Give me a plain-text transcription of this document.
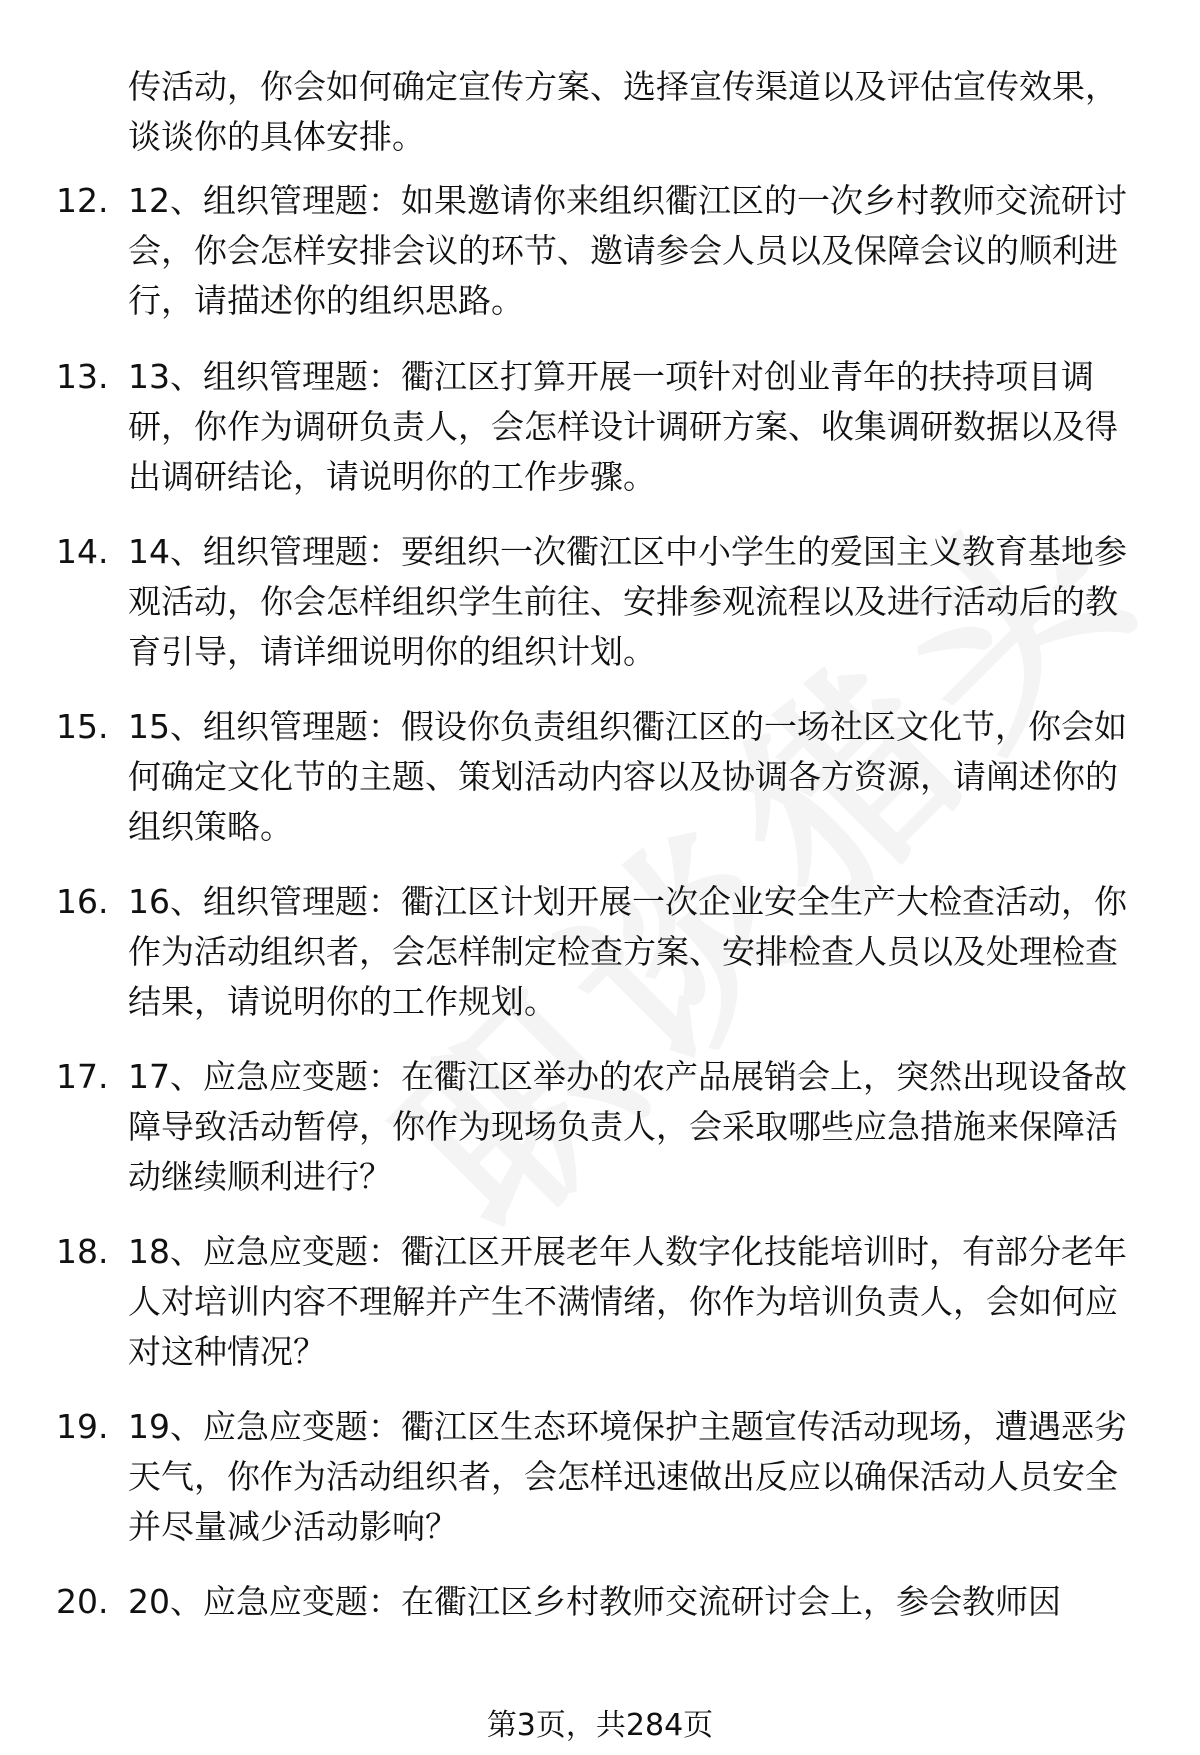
传活动，你会如何确定宣传方案、选择宣传渠道以及评估宣传效果，谈谈你的具体安排。
12. 12、组织管理题：如果邀请你来组织衢江区的一次乡村教师交流研讨会，你会怎样安排会议的环节、邀请参会人员以及保障会议的顺利进行，请描述你的组织思路。
13. 13、组织管理题：衢江区打算开展一项针对创业青年的扶持项目调研，你作为调研负责人，会怎样设计调研方案、收集调研数据以及得出调研结论，请说明你的工作步骤。
14. 14、组织管理题：要组织一次衢江区中小学生的爱国主义教育基地参观活动，你会怎样组织学生前往、安排参观流程以及进行活动后的教育引导，请详细说明你的组织计划。
15. 15、组织管理题：假设你负责组织衢江区的一场社区文化节，你会如何确定文化节的主题、策划活动内容以及协调各方资源，请阐述你的组织策略。
16. 16、组织管理题：衢江区计划开展一次企业安全生产大检查活动，你作为活动组织者，会怎样制定检查方案、安排检查人员以及处理检查结果，请说明你的工作规划。
17. 17、应急应变题：在衢江区举办的农产品展销会上，突然出现设备故障导致活动暂停，你作为现场负责人，会采取哪些应急措施来保障活动继续顺利进行？
18. 18、应急应变题：衢江区开展老年人数字化技能培训时，有部分老年人对培训内容不理解并产生不满情绪，你作为培训负责人，会如何应对这种情况？
19. 19、应急应变题：衢江区生态环境保护主题宣传活动现场，遭遇恶劣天气，你作为活动组织者，会怎样迅速做出反应以确保活动人员安全并尽量减少活动影响？
20. 20、应急应变题：在衢江区乡村教师交流研讨会上，参会教师因
第3页，共284页
